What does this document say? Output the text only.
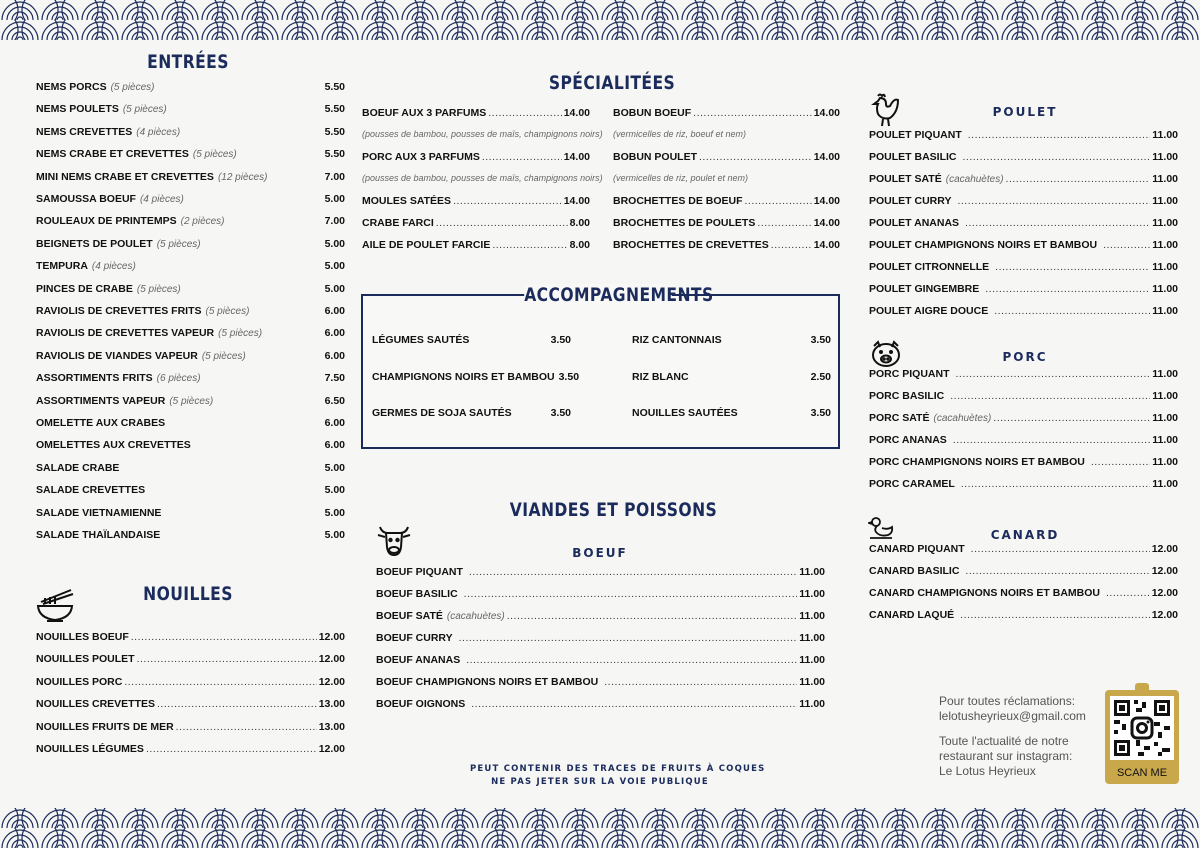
ENTRÉES
NOUILLES
SPÉCIALITÉES
VIANDES ET POISSONS
BOEUF
POULET
PORC
CANARD
NEMS PORCS (5 pièces)	5.50
NEMS POULETS (5 pièces)	5.50
NEMS CREVETTES (4 pièces)	5.50
NEMS CRABE ET CREVETTES (5 pièces)	5.50
MINI NEMS CRABE ET CREVETTES (12 pièces)	7.00
SAMOUSSA BOEUF (4 pièces)	5.00
ROULEAUX DE PRINTEMPS (2 pièces)	7.00
BEIGNETS DE POULET (5 pièces)	5.00
TEMPURA (4 pièces)	5.00
PINCES DE CRABE (5 pièces)	5.00
RAVIOLIS DE CREVETTES FRITS (5 pièces)	6.00
RAVIOLIS DE CREVETTES VAPEUR (5 pièces)	6.00
RAVIOLIS DE VIANDES VAPEUR (5 pièces)	6.00
ASSORTIMENTS FRITS (6 pièces)	7.50
ASSORTIMENTS VAPEUR (5 pièces)	6.50
OMELETTE AUX CRABES	6.00
OMELETTES AUX CREVETTES	6.00
SALADE CRABE	5.00
SALADE CREVETTES	5.00
SALADE VIETNAMIENNE	5.00
SALADE THAÏLANDAISE	5.00
NOUILLES BOEUF .....	12.00
NOUILLES POULET .....	12.00
NOUILLES PORC .....	12.00
NOUILLES CREVETTES .....	13.00
NOUILLES FRUITS DE MER .....	13.00
NOUILLES LÉGUMES .....	12.00
BOEUF AUX 3 PARFUMS .....	14.00
(pousses de bambou, pousses de maïs, champignons noirs)
PORC AUX 3 PARFUMS .....	14.00
(pousses de bambou, pousses de maïs, champignons noirs)
MOULES SATÉES .....	14.00
CRABE FARCI .....	8.00
AILE DE POULET FARCIE .....	8.00
BOBUN BOEUF .....	14.00
(vermicelles de riz, boeuf et nem)
BOBUN POULET .....	14.00
(vermicelles de riz, poulet et nem)
BROCHETTES DE BOEUF .....	14.00
BROCHETTES DE POULETS .....	14.00
BROCHETTES DE CREVETTES .....	14.00
ACCOMPAGNEMENTS
LÉGUMES SAUTÉS	3.50
CHAMPIGNONS NOIRS ET BAMBOU 3.50
GERMES DE SOJA SAUTÉS	3.50
RIZ CANTONNAIS	3.50
RIZ BLANC	2.50
NOUILLES SAUTÉES	3.50
BOEUF PIQUANT .....	11.00
BOEUF BASILIC .....	11.00
BOEUF SATÉ (cacahuètes) .....	11.00
BOEUF CURRY .....	11.00
BOEUF ANANAS .....	11.00
BOEUF CHAMPIGNONS NOIRS ET BAMBOU .....	11.00
BOEUF OIGNONS .....	11.00
POULET PIQUANT .....	11.00
POULET BASILIC .....	11.00
POULET SATÉ (cacahuètes) .....	11.00
POULET CURRY .....	11.00
POULET ANANAS .....	11.00
POULET CHAMPIGNONS NOIRS ET BAMBOU .....	11.00
POULET CITRONNELLE .....	11.00
POULET GINGEMBRE .....	11.00
POULET AIGRE DOUCE .....	11.00
PORC PIQUANT .....	11.00
PORC BASILIC .....	11.00
PORC SATÉ (cacahuètes) .....	11.00
PORC ANANAS .....	11.00
PORC CHAMPIGNONS NOIRS ET BAMBOU .....	11.00
PORC CARAMEL .....	11.00
CANARD PIQUANT .....	12.00
CANARD BASILIC .....	12.00
CANARD CHAMPIGNONS NOIRS ET BAMBOU .....	12.00
CANARD LAQUÉ .....	12.00
PEUT CONTENIR DES TRACES DE FRUITS À COQUES
NE PAS JETER SUR LA VOIE PUBLIQUE
Pour toutes réclamations:
lelotusheyrieux@gmail.com
Toute l'actualité de notre
restaurant sur instagram:
Le Lotus Heyrieux	SCAN ME
